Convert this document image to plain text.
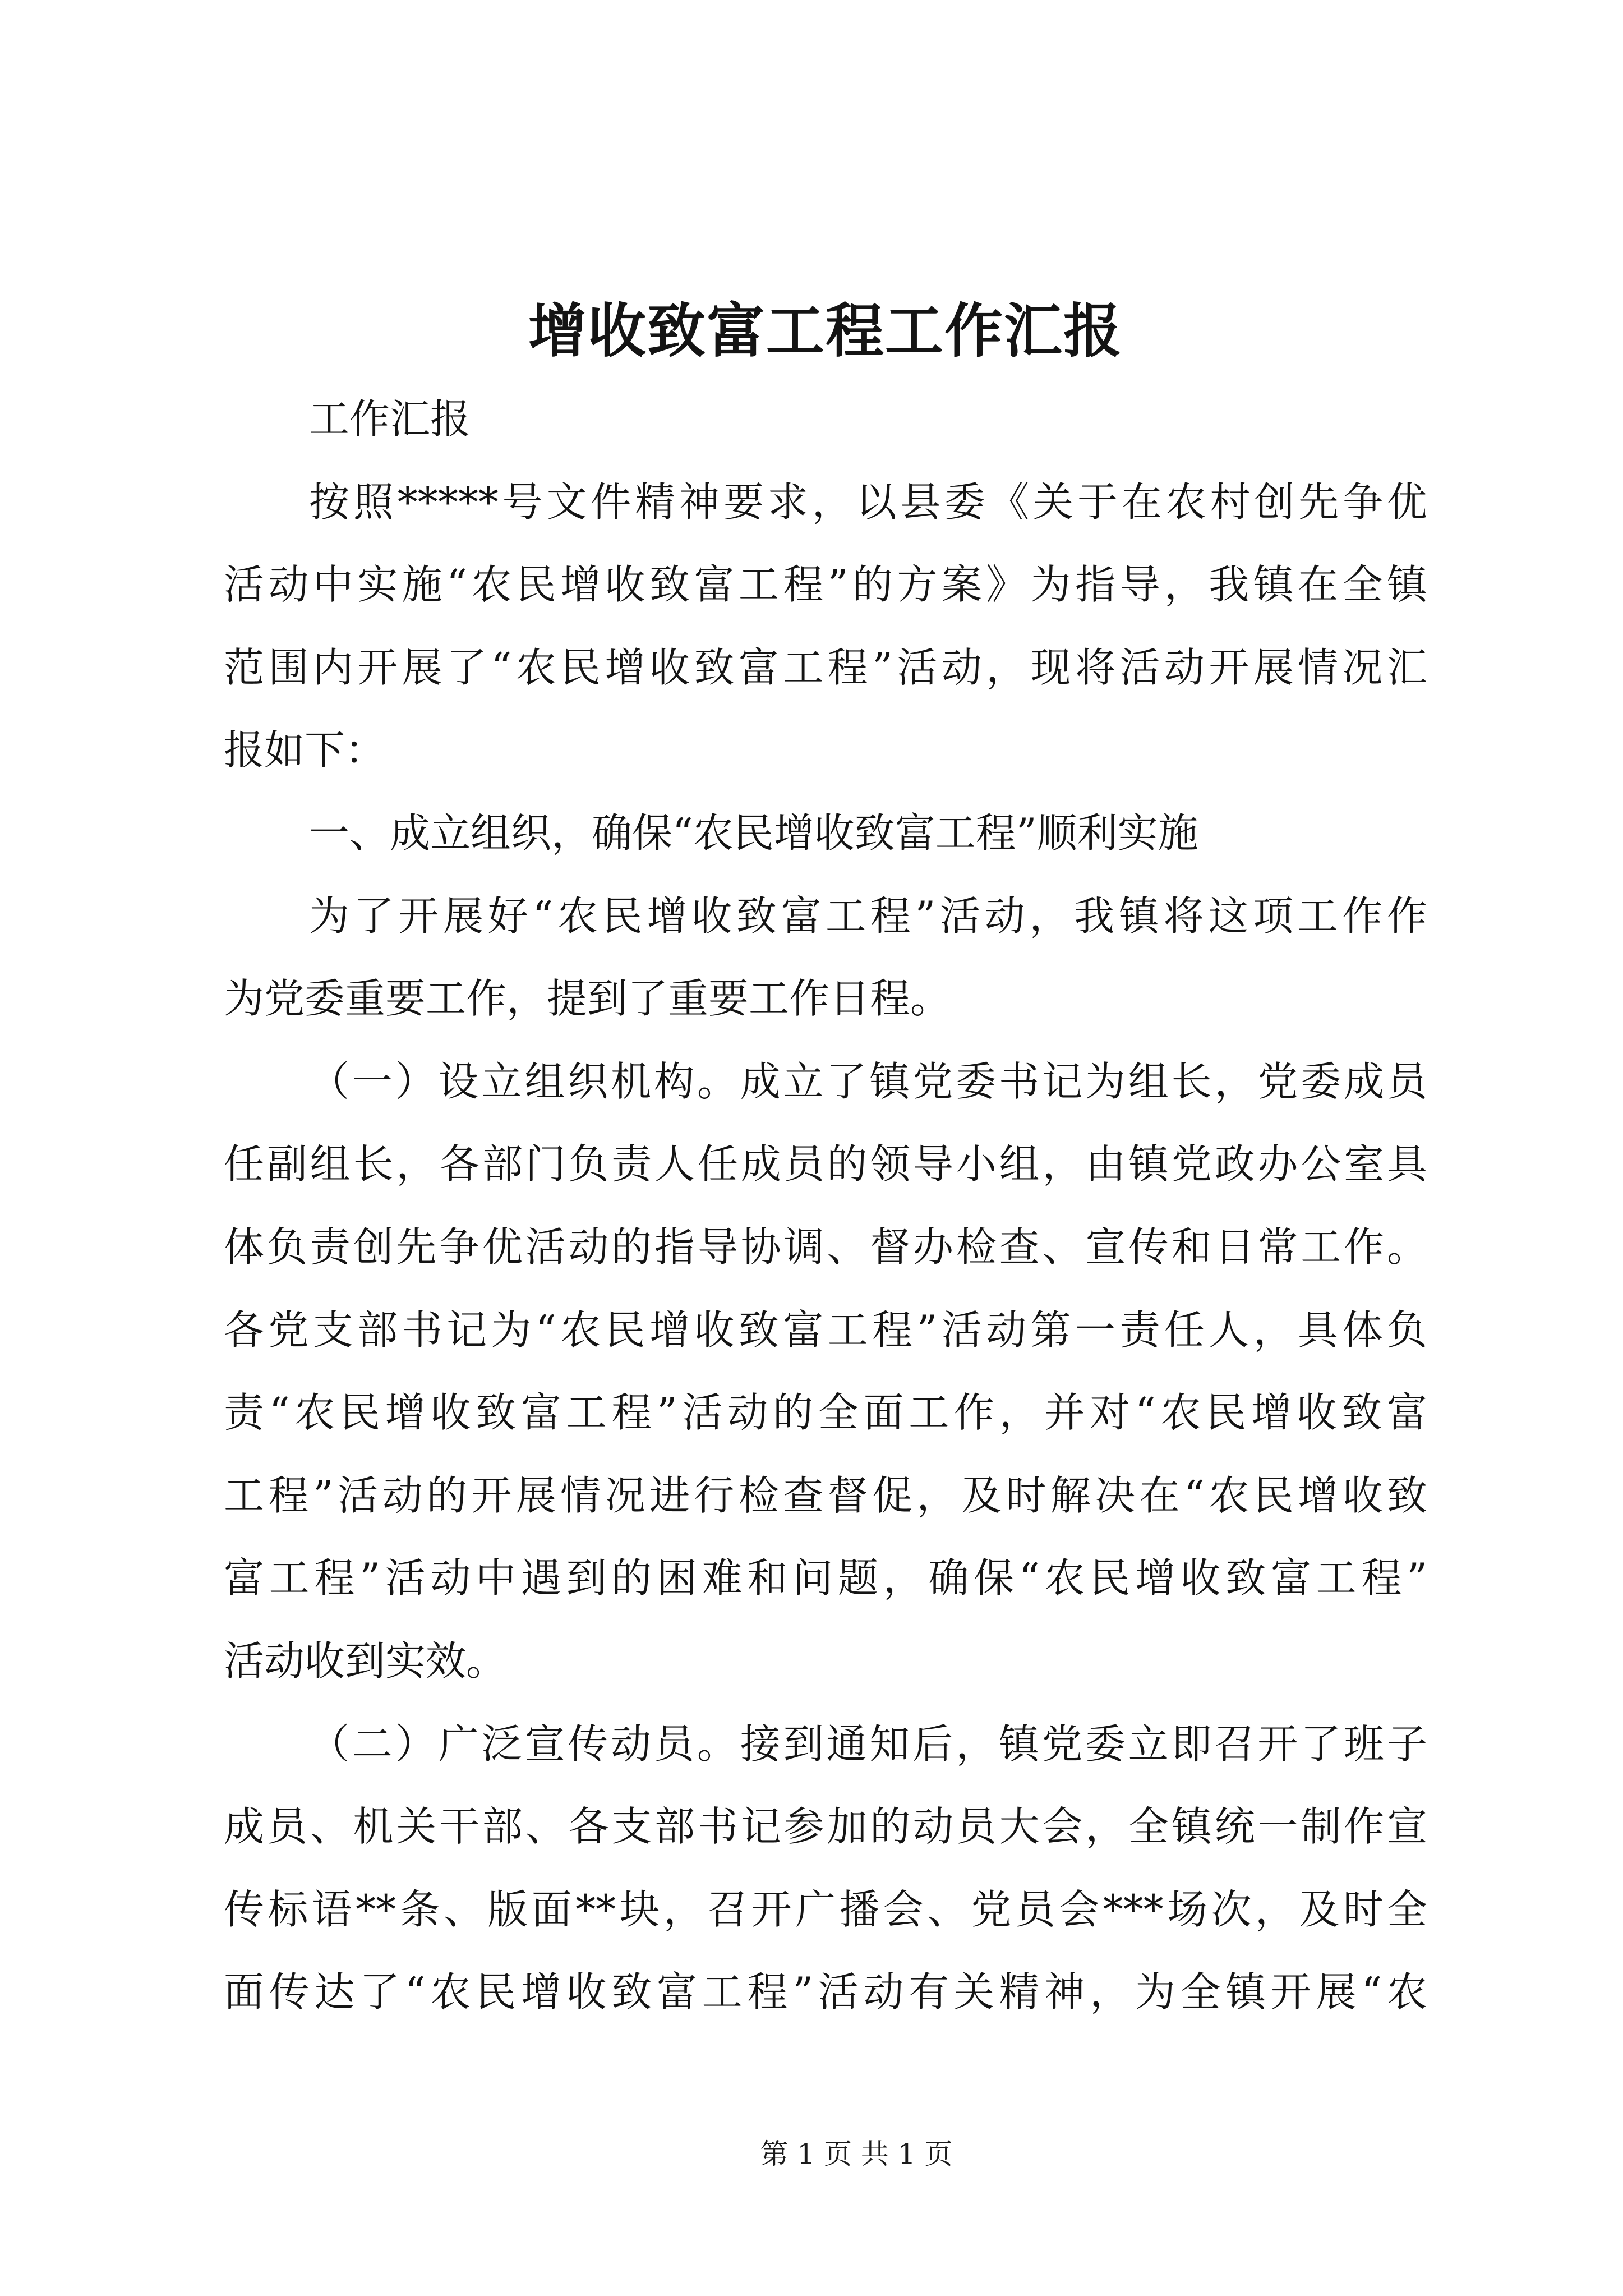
增收致富工程工作汇报
工作汇报
按照*****号文件精神要求，以县委《关于在农村创先争优
活动中实施“农民增收致富工程”的方案》为指导，我镇在全镇
范围内开展了“农民增收致富工程”活动，现将活动开展情况汇
报如下：
一、成立组织，确保“农民增收致富工程”顺利实施
为了开展好“农民增收致富工程”活动，我镇将这项工作作
为党委重要工作，提到了重要工作日程。
（一）设立组织机构。成立了镇党委书记为组长，党委成员
任副组长，各部门负责人任成员的领导小组，由镇党政办公室具
体负责创先争优活动的指导协调、督办检查、宣传和日常工作。
各党支部书记为“农民增收致富工程”活动第一责任人，具体负
责“农民增收致富工程”活动的全面工作，并对“农民增收致富
工程”活动的开展情况进行检查督促，及时解决在“农民增收致
富工程”活动中遇到的困难和问题，确保“农民增收致富工程”
活动收到实效。
（二）广泛宣传动员。接到通知后，镇党委立即召开了班子
成员、机关干部、各支部书记参加的动员大会，全镇统一制作宣
传标语**条、版面**块，召开广播会、党员会***场次，及时全
面传达了“农民增收致富工程”活动有关精神，为全镇开展“农
第 1 页 共 1 页
